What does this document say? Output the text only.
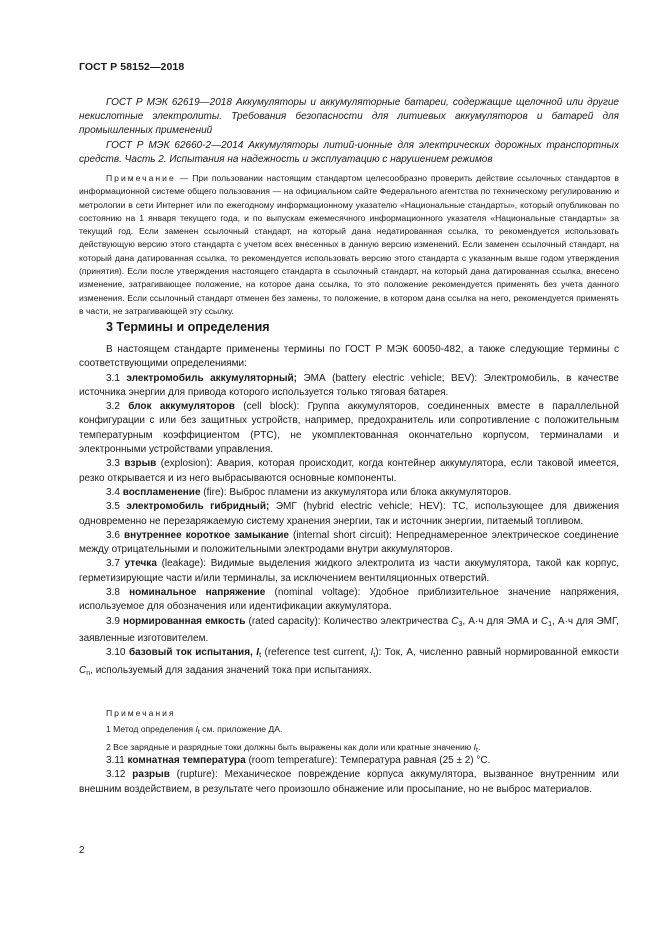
ГОСТ Р 58152—2018

ГОСТ Р МЭК 62619—2018 Аккумуляторы и аккумуляторные батареи, содержащие щелочной или другие некислотные электролиты. Требования безопасности для литиевых аккумуляторов и батарей для промышленных применений

ГОСТ Р МЭК 62660-2—2014 Аккумуляторы литий-ионные для электрических дорожных транспортных средств. Часть 2. Испытания на надежность и эксплуатацию с нарушением режимов

Примечание — При пользовании настоящим стандартом целесообразно проверить действие ссылочных стандартов в информационной системе общего пользования — на официальном сайте Федерального агентства по техническому регулированию и метрологии в сети Интернет или по ежегодному информационному указателю «Национальные стандарты», который опубликован по состоянию на 1 января текущего года, и по выпускам ежемесячного информационного указателя «Национальные стандарты» за текущий год. Если заменен ссылочный стандарт, на который дана недатированная ссылка, то рекомендуется использовать действующую версию этого стандарта с учетом всех внесенных в данную версию изменений. Если заменен ссылочный стандарт, на который дана датированная ссылка, то рекомендуется использовать версию этого стандарта с указанным выше годом утверждения (принятия). Если после утверждения настоящего стандарта в ссылочный стандарт, на который дана датированная ссылка, внесено изменение, затрагивающее положение, на которое дана ссылка, то это положение рекомендуется применять без учета данного изменения. Если ссылочный стандарт отменен без замены, то положение, в котором дана ссылка на него, рекомендуется применять в части, не затрагивающей эту ссылку.

3 Термины и определения

В настоящем стандарте применены термины по ГОСТ Р МЭК 60050-482, а также следующие термины с соответствующими определениями:

3.1 электромобиль аккумуляторный; ЭМА (battery electric vehicle; BEV): Электромобиль, в качестве источника энергии для привода которого используется только тяговая батарея.

3.2 блок аккумуляторов (cell block): Группа аккумуляторов, соединенных вместе в параллельной конфигурации с или без защитных устройств, например, предохранитель или сопротивление с положительным температурным коэффициентом (PTC), не укомплектованная окончательно корпусом, терминалами и электронными устройствами управления.

3.3 взрыв (explosion): Авария, которая происходит, когда контейнер аккумулятора, если таковой имеется, резко открывается и из него выбрасываются основные компоненты.

3.4 воспламенение (fire): Выброс пламени из аккумулятора или блока аккумуляторов.

3.5 электромобиль гибридный; ЭМГ (hybrid electric vehicle; HEV): ТС, использующее для движения одновременно не перезаряжаемую систему хранения энергии, так и источник энергии, питаемый топливом.

3.6 внутреннее короткое замыкание (internal short circuit): Непреднамеренное электрическое соединение между отрицательными и положительными электродами внутри аккумуляторов.

3.7 утечка (leakage): Видимые выделения жидкого электролита из части аккумулятора, такой как корпус, герметизирующие части и/или терминалы, за исключением вентиляционных отверстий.

3.8 номинальное напряжение (nominal voltage): Удобное приблизительное значение напряжения, используемое для обозначения или идентификации аккумулятора.

3.9 нормированная емкость (rated capacity): Количество электричества $C_3$, А·ч для ЭМА и $C_1$, А·ч для ЭМГ, заявленные изготовителем.

3.10 базовый ток испытания, $I_t$ (reference test current, $I_t$): Ток, А, численно равный нормированной емкости $C_n$, используемый для задания значений тока при испытаниях.

Примечания

1 Метод определения $I_t$ см. приложение ДА.

2 Все зарядные и разрядные токи должны быть выражены как доли или кратные значению $I_t$.

3.11 комнатная температура (room temperature): Температура равная (25 ± 2) °C.

3.12 разрыв (rupture): Механическое повреждение корпуса аккумулятора, вызванное внутренним или внешним воздействием, в результате чего произошло обнажение или просыпание, но не выброс материалов.

2
